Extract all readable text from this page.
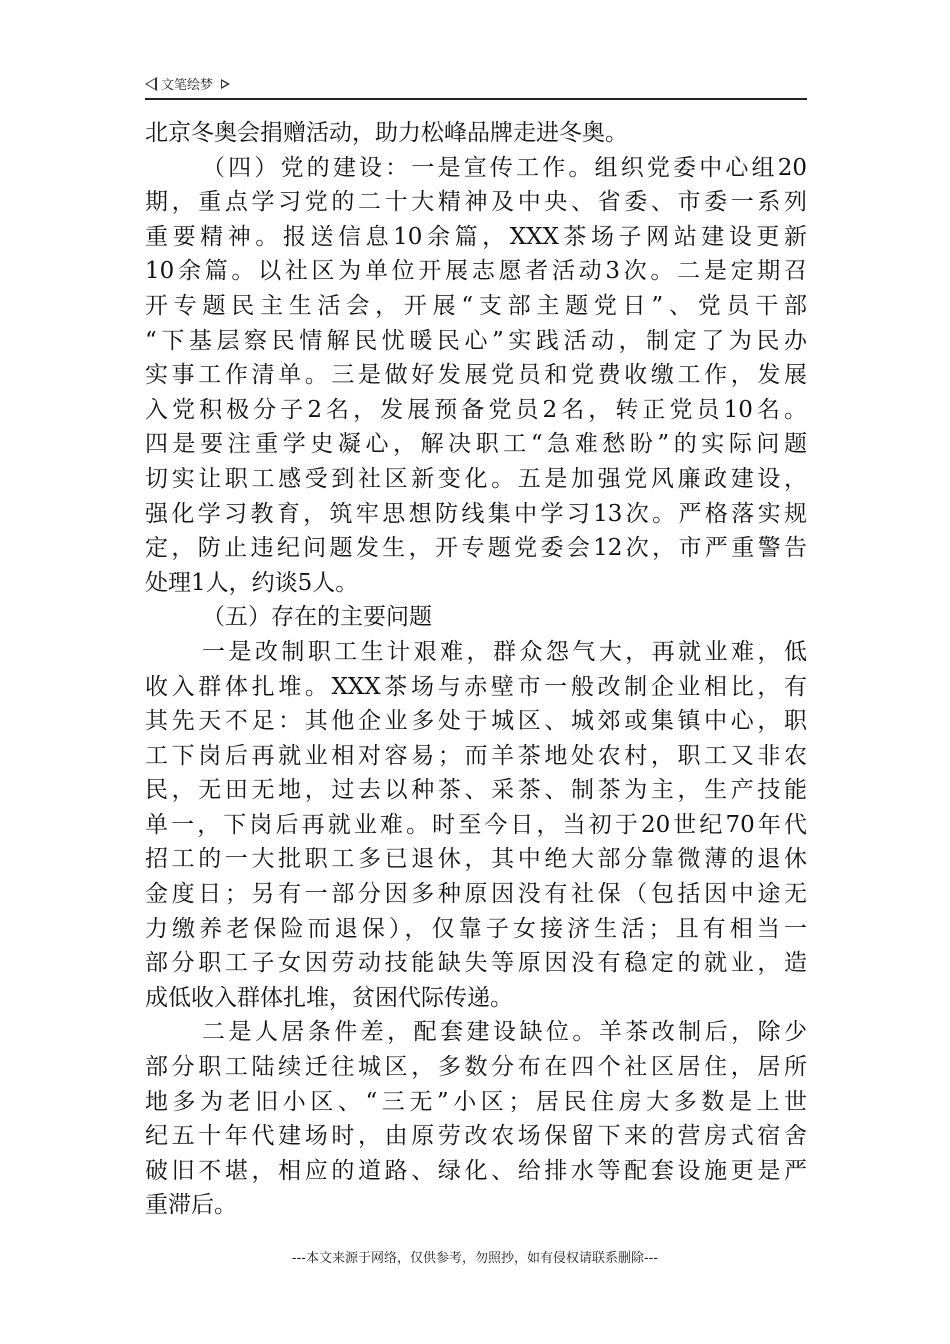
文笔绘梦
北京冬奥会捐赠活动，助力松峰品牌走进冬奥。
（四）党的建设：一是宣传工作。组织党委中心组20
期，重点学习党的二十大精神及中央、省委、市委一系列
重要精神。报送信息10余篇，XXX茶场子网站建设更新
10余篇。以社区为单位开展志愿者活动3次。二是定期召
开专题民主生活会，开展“支部主题党日”、党员干部
“下基层察民情解民忧暖民心”实践活动，制定了为民办
实事工作清单。三是做好发展党员和党费收缴工作，发展
入党积极分子2名，发展预备党员2名，转正党员10名。
四是要注重学史凝心，解决职工“急难愁盼”的实际问题
切实让职工感受到社区新变化。五是加强党风廉政建设，
强化学习教育，筑牢思想防线集中学习13次。严格落实规
定，防止违纪问题发生，开专题党委会12次，市严重警告
处理1人，约谈5人。
（五）存在的主要问题
一是改制职工生计艰难，群众怨气大，再就业难，低
收入群体扎堆。XXX茶场与赤壁市一般改制企业相比，有
其先天不足：其他企业多处于城区、城郊或集镇中心，职
工下岗后再就业相对容易；而羊茶地处农村，职工又非农
民，无田无地，过去以种茶、采茶、制茶为主，生产技能
单一，下岗后再就业难。时至今日，当初于20世纪70年代
招工的一大批职工多已退休，其中绝大部分靠微薄的退休
金度日；另有一部分因多种原因没有社保（包括因中途无
力缴养老保险而退保），仅靠子女接济生活；且有相当一
部分职工子女因劳动技能缺失等原因没有稳定的就业，造
成低收入群体扎堆，贫困代际传递。
二是人居条件差，配套建设缺位。羊茶改制后，除少
部分职工陆续迁往城区，多数分布在四个社区居住，居所
地多为老旧小区、“三无”小区；居民住房大多数是上世
纪五十年代建场时，由原劳改农场保留下来的营房式宿舍
破旧不堪，相应的道路、绿化、给排水等配套设施更是严
重滞后。
---本文来源于网络，仅供参考，勿照抄，如有侵权请联系删除---
